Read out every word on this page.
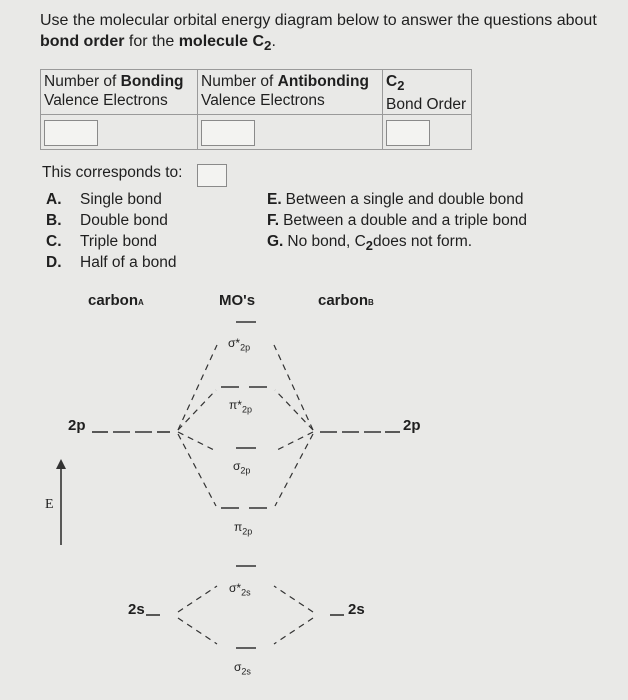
Use the molecular orbital energy diagram below to answer the questions about bond order for the molecule $C_2$.
Number of Bonding
Valence Electrons	Number of Antibonding
Valence Electrons	$C_2$
Bond Order

This corresponds to:
A.	Single bond
B.	Double bond
C.	Triple bond
D.	Half of a bond
E. Between a single and double bond
F. Between a double and a triple bond
G. No bond, C $_2$ does not form.
carbonA	MO's	carbonB
2p	2p
2s	2s
$\sigma*_{2p}$
$\pi*_{2p}$
$\sigma_{2p}$
$\pi_{2p}$
$\sigma*_{2s}$
$\sigma_{2s}$
E
